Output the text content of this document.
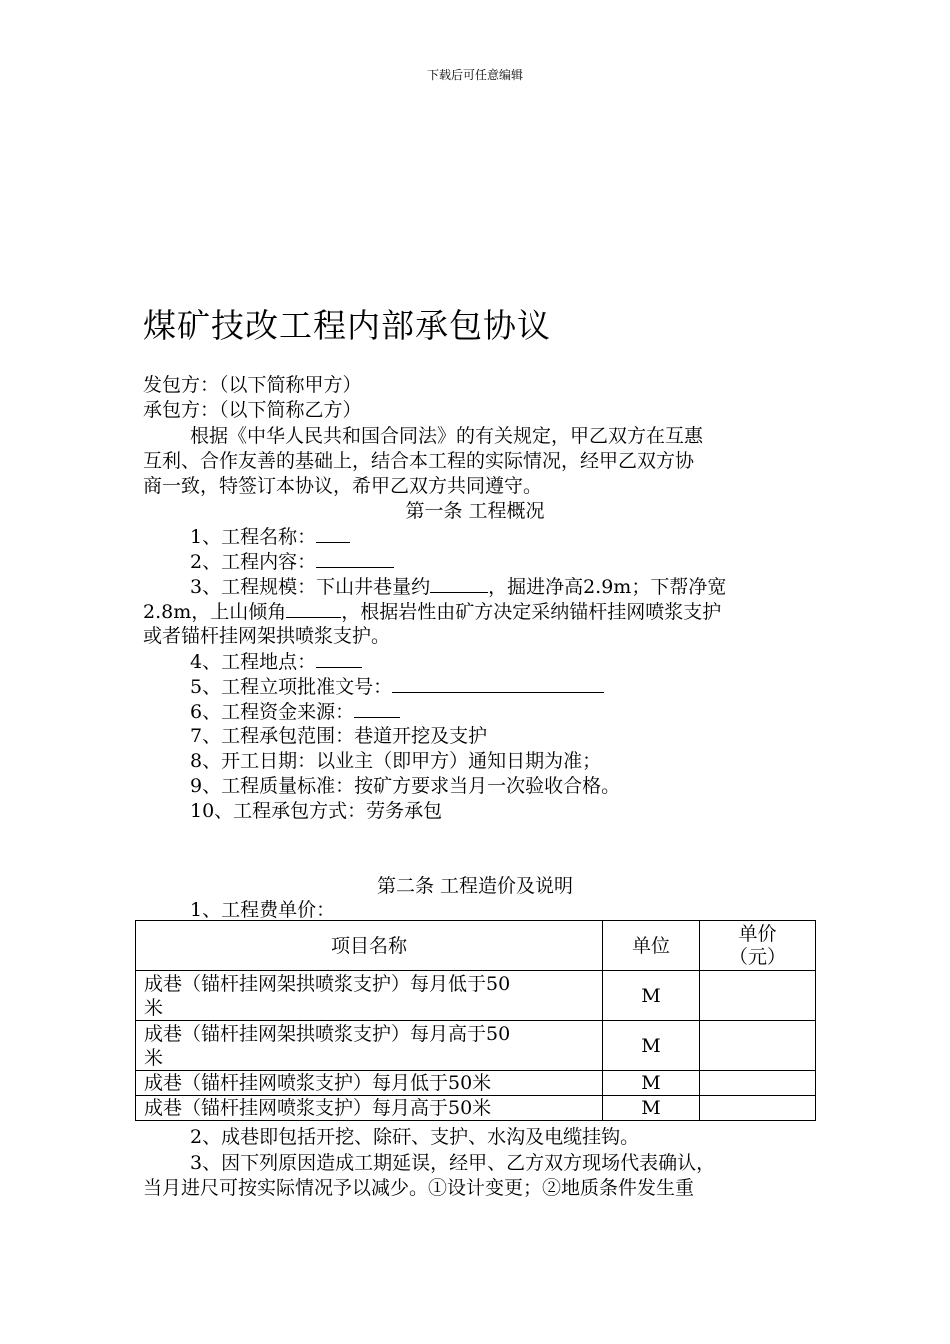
下载后可任意编辑
煤矿技改工程内部承包协议
发包方：（以下简称甲方）
承包方：（以下简称乙方）
根据《中华人民共和国合同法》的有关规定，甲乙双方在互惠
互利、合作友善的基础上，结合本工程的实际情况，经甲乙双方协
商一致，特签订本协议，希甲乙双方共同遵守。
第一条 工程概况
1、工程名称：
2、工程内容：
3、工程规模：下山井巷量约	，掘进净高2.9m；下帮净宽
2.8m，上山倾角	，根据岩性由矿方决定采纳锚杆挂网喷浆支护
或者锚杆挂网架拱喷浆支护。
4、工程地点：
5、工程立项批准文号：
6、工程资金来源：
7、工程承包范围：巷道开挖及支护
8、开工日期：以业主（即甲方）通知日期为准；
9、工程质量标准：按矿方要求当月一次验收合格。
10、工程承包方式：劳务承包
第二条 工程造价及说明
1、工程费单价：
项目名称	单位	单价（元）

成巷（锚杆挂网架拱喷浆支护）每月低于50
米	M	

成巷（锚杆挂网架拱喷浆支护）每月高于50
米	M	
成巷（锚杆挂网喷浆支护）每月低于50米	M	
成巷（锚杆挂网喷浆支护）每月高于50米	M	
2、成巷即包括开挖、除矸、支护、水沟及电缆挂钩。
3、因下列原因造成工期延误，经甲、乙方双方现场代表确认，
当月进尺可按实际情况予以减少。①设计变更；②地质条件发生重
